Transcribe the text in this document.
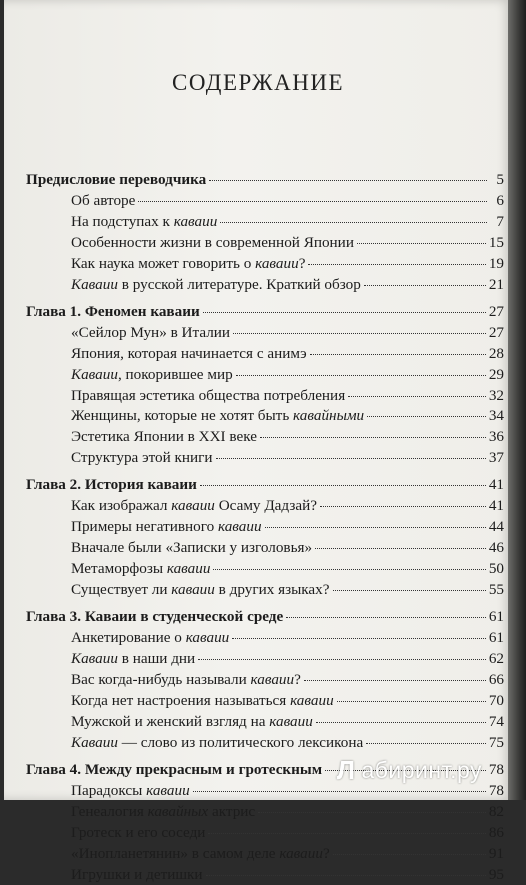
СОДЕРЖАНИЕ
Предисловие переводчика	5
Об авторе	6
На подступах к каваии	7
Особенности жизни в современной Японии	15
Как наука может говорить о каваии?	19
Каваии в русской литературе. Краткий обзор	21
Глава 1. Феномен каваии	27
«Сейлор Мун» в Италии	27
Япония, которая начинается с анимэ	28
Каваии, покорившее мир	29
Правящая эстетика общества потребления	32
Женщины, которые не хотят быть кавайными	34
Эстетика Японии в XXI веке	36
Структура этой книги	37
Глава 2. История каваии	41
Как изображал каваии Осаму Дадзай?	41
Примеры негативного каваии	44
Вначале были «Записки у изголовья»	46
Метаморфозы каваии	50
Существует ли каваии в других языках?	55
Глава 3. Каваии в студенческой среде	61
Анкетирование о каваии	61
Каваии в наши дни	62
Вас когда-нибудь называли каваии?	66
Когда нет настроения называться каваии	70
Мужской и женский взгляд на каваии	74
Каваии — слово из политического лексикона	75
Глава 4. Между прекрасным и гротескным	78
Парадоксы каваии	78
Генеалогия кавайных актрис	82
Гротеск и его соседи	86
«Инопланетянин» в самом деле каваии?	91
Игрушки и детишки	95
Л абиринт.ру
